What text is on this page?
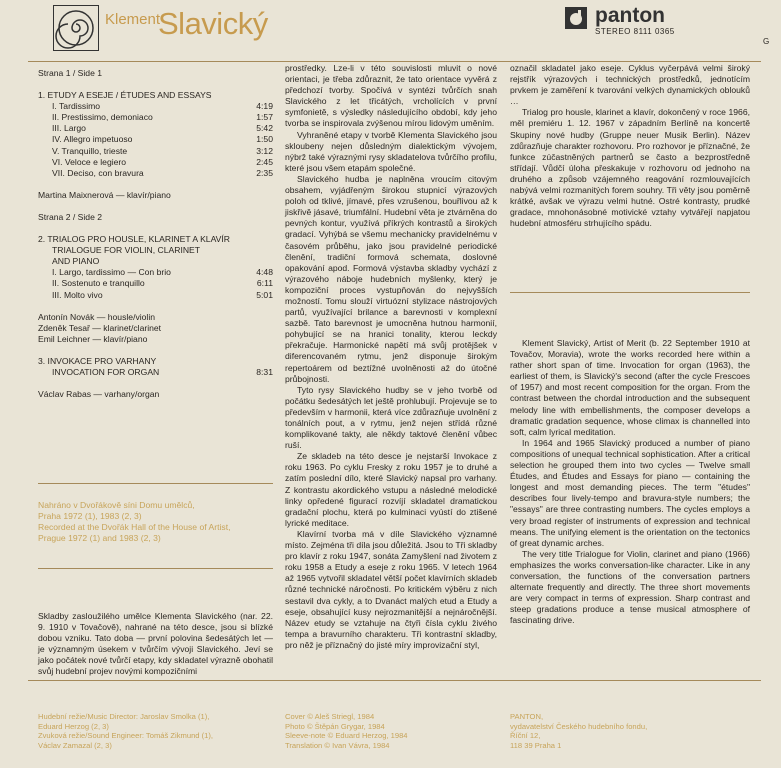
Klement
Slavický	panton
STEREO 8111 0365
G
Strana 1 / Side 1
1. ETUDY A ESEJE / ÉTUDES AND ESSAYS
I. Tardissimo	4:19
II. Prestissimo, demoniaco	1:57
III. Largo	5:42
IV. Allegro impetuoso	1:50
V. Tranquillo, trieste	3:12
VI. Veloce e legiero	2:45
VII. Deciso, con bravura	2:35
Martina Maixnerová — klavír/piano
Strana 2 / Side 2
2. TRIALOG PRO HOUSLE, KLARINET A KLAVÍR
TRIALOGUE FOR VIOLIN, CLARINET
AND PIANO
I. Largo, tardissimo — Con brio	4:48
II. Sostenuto e tranquillo	6:11
III. Molto vivo	5:01
Antonín Novák — housle/violin
Zdeněk Tesař — klarinet/clarinet
Emil Leichner — klavír/piano
3. INVOKACE PRO VARHANY
INVOCATION FOR ORGAN	8:31
Václav Rabas — varhany/organ
Nahráno v Dvořákově síni Domu umělců,
Praha 1972 (1), 1983 (2, 3)
Recorded at the Dvořák Hall of the House of Artist,
Prague 1972 (1) and 1983 (2, 3)
Skladby zasloužilého umělce Klementa Slavického (nar. 22. 9. 1910 v Tovačově), nahrané na této desce, jsou si blízké dobou vzniku. Tato doba — první polovina šedesátých let — je významným úsekem v tvůrčím vývoji Slavického. Jeví se jako počátek nové tvůrčí etapy, kdy skladatel výrazně obohatil svůj hudební projev novými kompozičními

prostředky. Lze-li v této souvislosti mluvit o nové orientaci, je třeba zdůraznit, že tato orientace vyvěrá z předchozí tvorby. Spočívá v syntézi tvůrčích snah Slavického z let třicátých, vrcholících v první symfonietě, s výsledky následujícího období, kdy jeho tvorba se inspirovala zvýšenou mírou lidovým uměním.

Vyhraněné etapy v tvorbě Klementa Slavického jsou skloubeny nejen důsledným dialektickým vývojem, nýbrž také výraznými rysy skladatelova tvůrčího profilu, které jsou všem etapám společné.

Slavického hudba je naplněna vroucím citovým obsahem, vyjádřeným širokou stupnicí výrazových poloh od tklivé, jímavé, přes vzrušenou, bouřlivou až k jiskřivě jásavé, triumfální. Hudební věta je ztvárněna do pevných kontur, využívá příkrých kontrastů a širokých gradací. Vyhýbá se všemu mechanicky pravidelnému v časovém průběhu, jako jsou pravidelné periodické členění, tradiční formová schemata, doslovné opakování apod. Formová výstavba skladby vychází z výrazového náboje hudebních myšlenky, který je kompoziční proces vystupňován do nejvyšších možností. Tomu slouží virtuózní stylizace nástrojových partů, využívající brilance a barevnosti v komplexní sazbě. Tato barevnost je umocněna hutnou harmonií, pohybující se na hranici tonality, kterou leckdy překračuje. Harmonické napětí má svůj protějšek v diferencovaném rytmu, jenž disponuje širokým repertoárem od beztížné uvolněnosti až do útočné průbojnosti.

Tyto rysy Slavického hudby se v jeho tvorbě od počátku šedesátých let ještě prohlubují. Projevuje se to především v harmonii, která více zdůrazňuje uvolnění z tonálních pout, a v rytmu, jenž nejen střídá různé komplikované takty, ale někdy taktové členění vůbec ruší.

Ze skladeb na této desce je nejstarší Invokace z roku 1963. Po cyklu Fresky z roku 1957 je to druhé a zatím poslední dílo, které Slavický napsal pro varhany. Z kontrastu akordického vstupu a následné melodické linky opředené figurací rozvíjí skladatel dramatickou gradační plochu, která po kulminaci vyústí do ztišené lyrické meditace.

Klavírní tvorba má v díle Slavického významné místo. Zejména tři díla jsou důležitá. Jsou to Tři skladby pro klavír z roku 1947, sonáta Zamyšlení nad životem z roku 1958 a Etudy a eseje z roku 1965. V letech 1964 až 1965 vytvořil skladatel větší počet klavírních skladeb různé technické náročnosti. Po kritickém výběru z nich sestavil dva cykly, a to Dvanáct malých etud a Etudy a eseje, obsahující kusy nejrozmanitější a nejnáročnější. Název etudy se vztahuje na čtyři čísla cyklu živého tempa a bravurního charakteru. Tři kontrastní skladby, pro něž je příznačný do jisté míry improvizační styl,

označil skladatel jako eseje. Cyklus vyčerpává velmi široký rejstřík výrazových i technických prostředků, jednotícím prvkem je zaměření k tvarování velkých dynamických oblouků …

Trialog pro housle, klarinet a klavír, dokončený v roce 1966, měl premiéru 1. 12. 1967 v západním Berlíně na koncertě Skupiny nové hudby (Gruppe neuer Musik Berlin). Název zdůrazňuje charakter rozhovoru. Pro rozhovor je příznačné, že funkce zúčastněných partnerů se často a bezprostředně střídají. Vůdčí úloha přeskakuje v rozhovoru od jednoho na druhého a způsob vzájemného reagování rozmlouvajících nabývá velmi rozmanitých forem souhry. Tři věty jsou poměrně krátké, avšak ve výrazu velmi hutné. Ostré kontrasty, prudké gradace, mnohonásobné motivické vztahy vytvářejí napjatou hudební atmosféru strhujícího spádu.

Klement Slavický, Artist of Merit (b. 22 September 1910 at Tovačov, Moravia), wrote the works recorded here within a rather short span of time. Invocation for organ (1963), the earliest of them, is Slavický's second (after the cycle Frescoes of 1957) and most recent composition for the organ. From the contrast between the chordal introduction and the subsequent melody line with embellishments, the composer develops a dramatic gradation sequence, whose climax is channelled into soft, calm lyrical meditation.

In 1964 and 1965 Slavický produced a number of piano compositions of unequal technical sophistication. After a critical selection he grouped them into two cycles — Twelve small Études, and Études and Essays for piano — containing the longest and most demanding pieces. The term "études" describes four lively-tempo and bravura-style numbers; the "essays" are three contrasting numbers. The cycles employs a very broad register of instruments of expression and technical means. The unifying element is the orientation on the tectonics of great dynamic arches.

The very title Trialogue for Violin, clarinet and piano (1966) emphasizes the works conversation-like character. Like in any conversation, the functions of the conversation partners alternate frequently and directly. The three short movements are very compact in terms of expression. Sharp contrast and steep gradations produce a tense musical atmosphere of fascinating drive.

Hudební režie/Music Director: Jaroslav Smolka (1),
Eduard Herzog (2, 3)
Zvuková režie/Sound Engineer: Tomáš Zikmund (1),
Václav Zamazal (2, 3)
Cover © Aleš Striegl, 1984
Photo © Štěpán Grygar, 1984
Sleeve-note © Eduard Herzog, 1984
Translation © Ivan Vávra, 1984
PANTON,
vydavatelství Českého hudebního fondu,
Říční 12,
118 39 Praha 1
